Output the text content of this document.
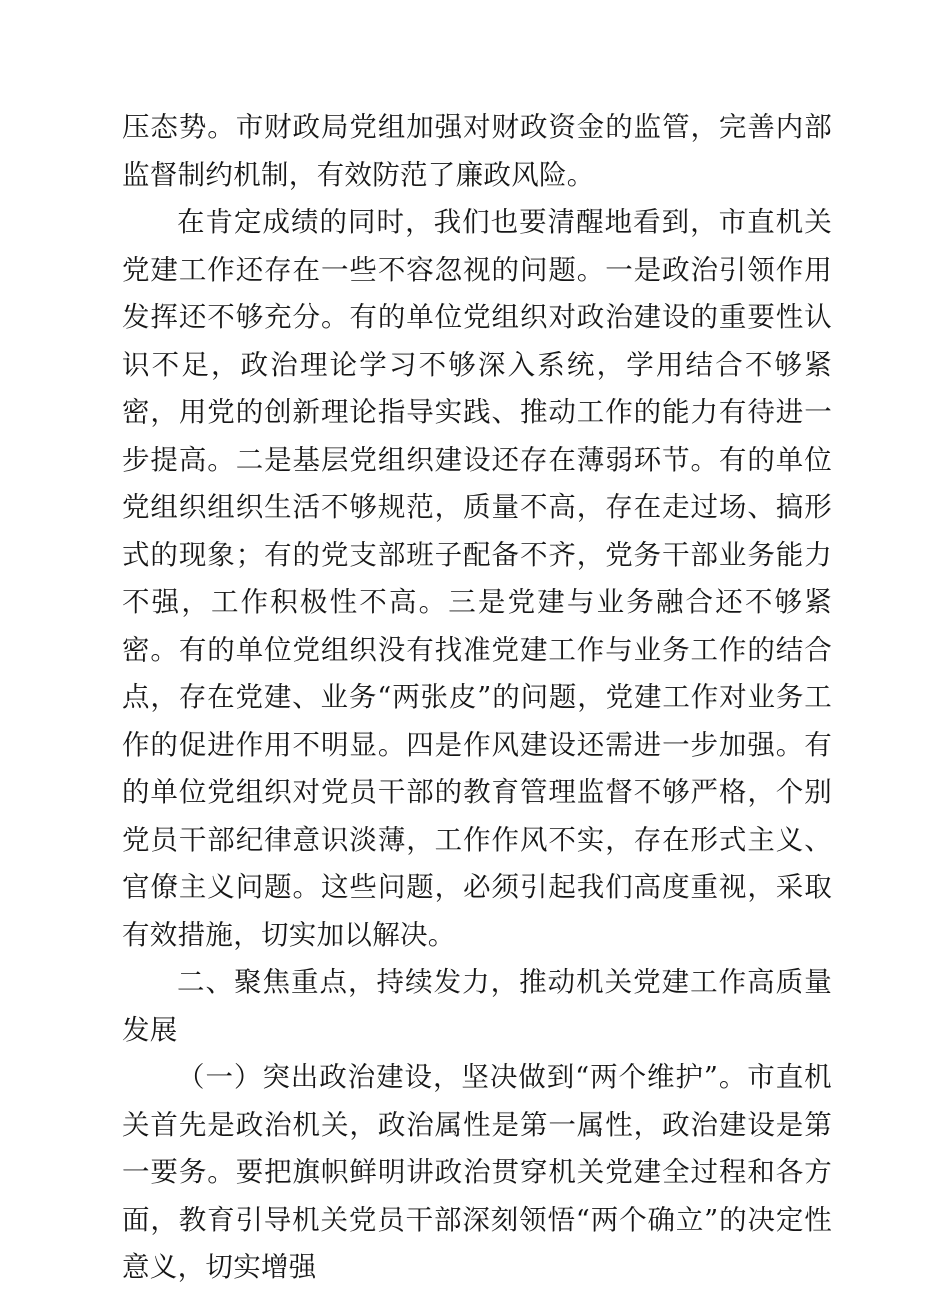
压态势。市财政局党组加强对财政资金的监管，完善内部监督制约机制，有效防范了廉政风险。

在肯定成绩的同时，我们也要清醒地看到，市直机关党建工作还存在一些不容忽视的问题。一是政治引领作用发挥还不够充分。有的单位党组织对政治建设的重要性认识不足，政治理论学习不够深入系统，学用结合不够紧密，用党的创新理论指导实践、推动工作的能力有待进一步提高。二是基层党组织建设还存在薄弱环节。有的单位党组织组织生活不够规范，质量不高，存在走过场、搞形式的现象；有的党支部班子配备不齐，党务干部业务能力不强，工作积极性不高。三是党建与业务融合还不够紧密。有的单位党组织没有找准党建工作与业务工作的结合点，存在党建、业务“两张皮”的问题，党建工作对业务工作的促进作用不明显。四是作风建设还需进一步加强。有的单位党组织对党员干部的教育管理监督不够严格，个别党员干部纪律意识淡薄，工作作风不实，存在形式主义、官僚主义问题。这些问题，必须引起我们高度重视，采取有效措施，切实加以解决。

二、聚焦重点，持续发力，推动机关党建工作高质量发展

（一）突出政治建设，坚决做到“两个维护”。市直机关首先是政治机关，政治属性是第一属性，政治建设是第一要务。要把旗帜鲜明讲政治贯穿机关党建全过程和各方面，教育引导机关党员干部深刻领悟“两个确立”的决定性意义，切实增强
